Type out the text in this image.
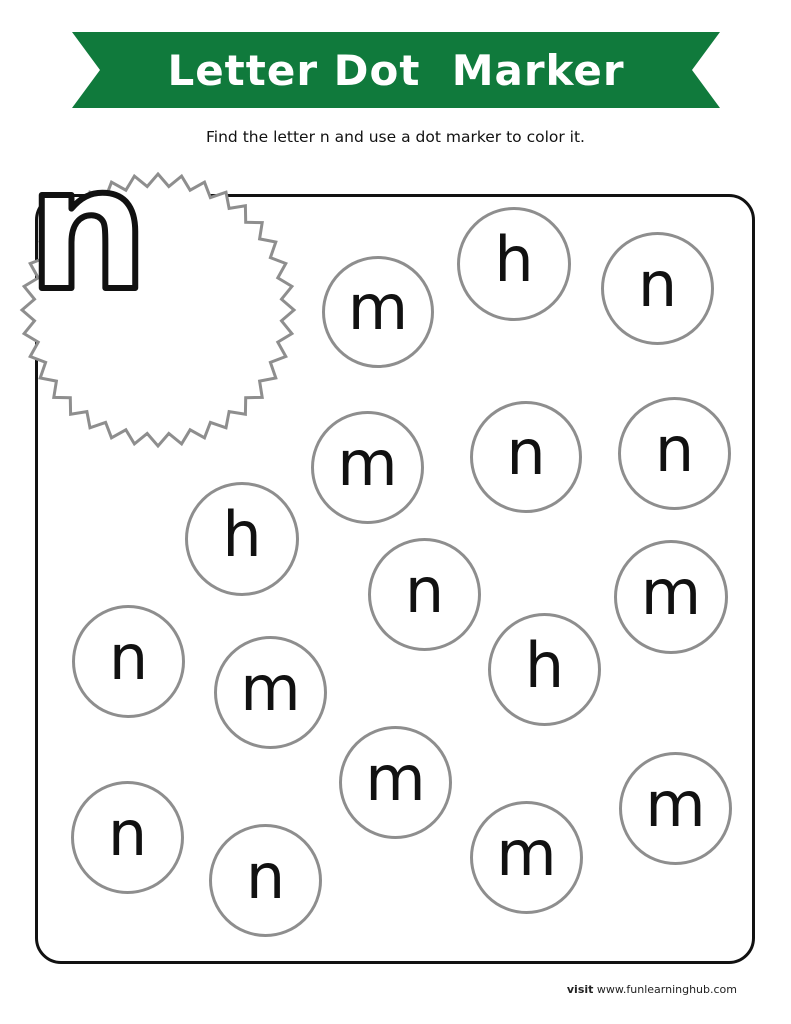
Letter Dot  Marker
Find the letter n and use a dot marker to color it.
n	m
h n
m n n
h
n	m
n	h
m
m
n	m
n	m
visit www.funlearninghub.com
